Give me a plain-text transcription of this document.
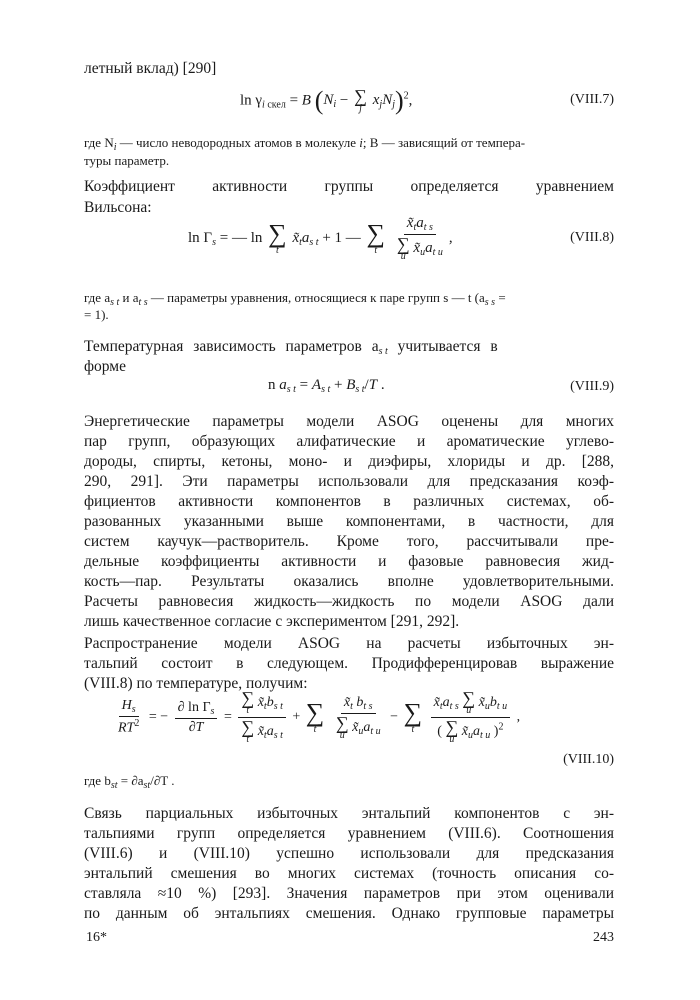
летный вклад) [290]
$\ln \gamma_{i скел} = B$ ($N_i$ − ∑
j
$x_jN_j)^2$,	(VIII.7)
где $N_i$ — число неводородных атомов в молекуле i; B — зависящий от темпера-
туры параметр.
Коэффициент активности группы определяется уравнением
Вильсона:
$\ln \Gamma_s$ = — ln ∑
t
$x̃_ta_{s t} + 1$ — ∑
t
$x̃_ta_{t s}$
∑
u
$x̃_ua_{t u}$ ,	(VIII.8)
где $a_{s t}$ и $a_{t s}$ — параметры уравнения, относящиеся к паре групп s — t ($a_{s s}$ =
= 1).
Температурная зависимость параметров $a_{s t}$ учитывается в
форме
n $a_{s t} = A_{s t} + B_{s t}/T$ .	(VIII.9)
Энергетические параметры модели ASOG оценены для многих
пар групп, образующих алифатические и ароматические углево-
дороды, спирты, кетоны, моно- и диэфиры, хлориды и др. [288,
290, 291]. Эти параметры использовали для предсказания коэф-
фициентов активности компонентов в различных системах, об-
разованных указанными выше компонентами, в частности, для
систем каучук—растворитель. Кроме того, рассчитывали пре-
дельные коэффициенты активности и фазовые равновесия жид-
кость—пар. Результаты оказались вполне удовлетворительными.
Расчеты равновесия жидкость—жидкость по модели ASOG дали
лишь качественное согласие с экспериментом [291, 292].
Распространение модели ASOG на расчеты избыточных эн-
тальпий состоит в следующем. Продифференцировав выражение
(VIII.8) по температуре, получим:
$\frac{H_s}{RT^2}$ = − $\frac{\partial \ln \Gamma_s}{\partial T}$ = ∑
t
$x̃_tb_{s t}$
∑
t
$x̃_ta_{s t}$ + ∑
t
$x̃_t$ $b_{t s}$
∑
u
$x̃_ua_{t u}$ − ∑
t
$x̃_ta_{t s}$ ∑
u
$x̃_ub_{t u}$
( ∑
u
$x̃_ua_{t u}$ )$^2$ ,
(VIII.10)
где $b_{st} = \partial a_{st}/\partial T$ .
Связь парциальных избыточных энтальпий компонентов с эн-
тальпиями групп определяется уравнением (VIII.6). Соотношения
(VIII.6) и (VIII.10) успешно использовали для предсказания
энтальпий смешения во многих системах (точность описания со-
ставляла ≈10 %) [293]. Значения параметров при этом оценивали
по данным об энтальпиях смешения. Однако групповые параметры
16*	243
